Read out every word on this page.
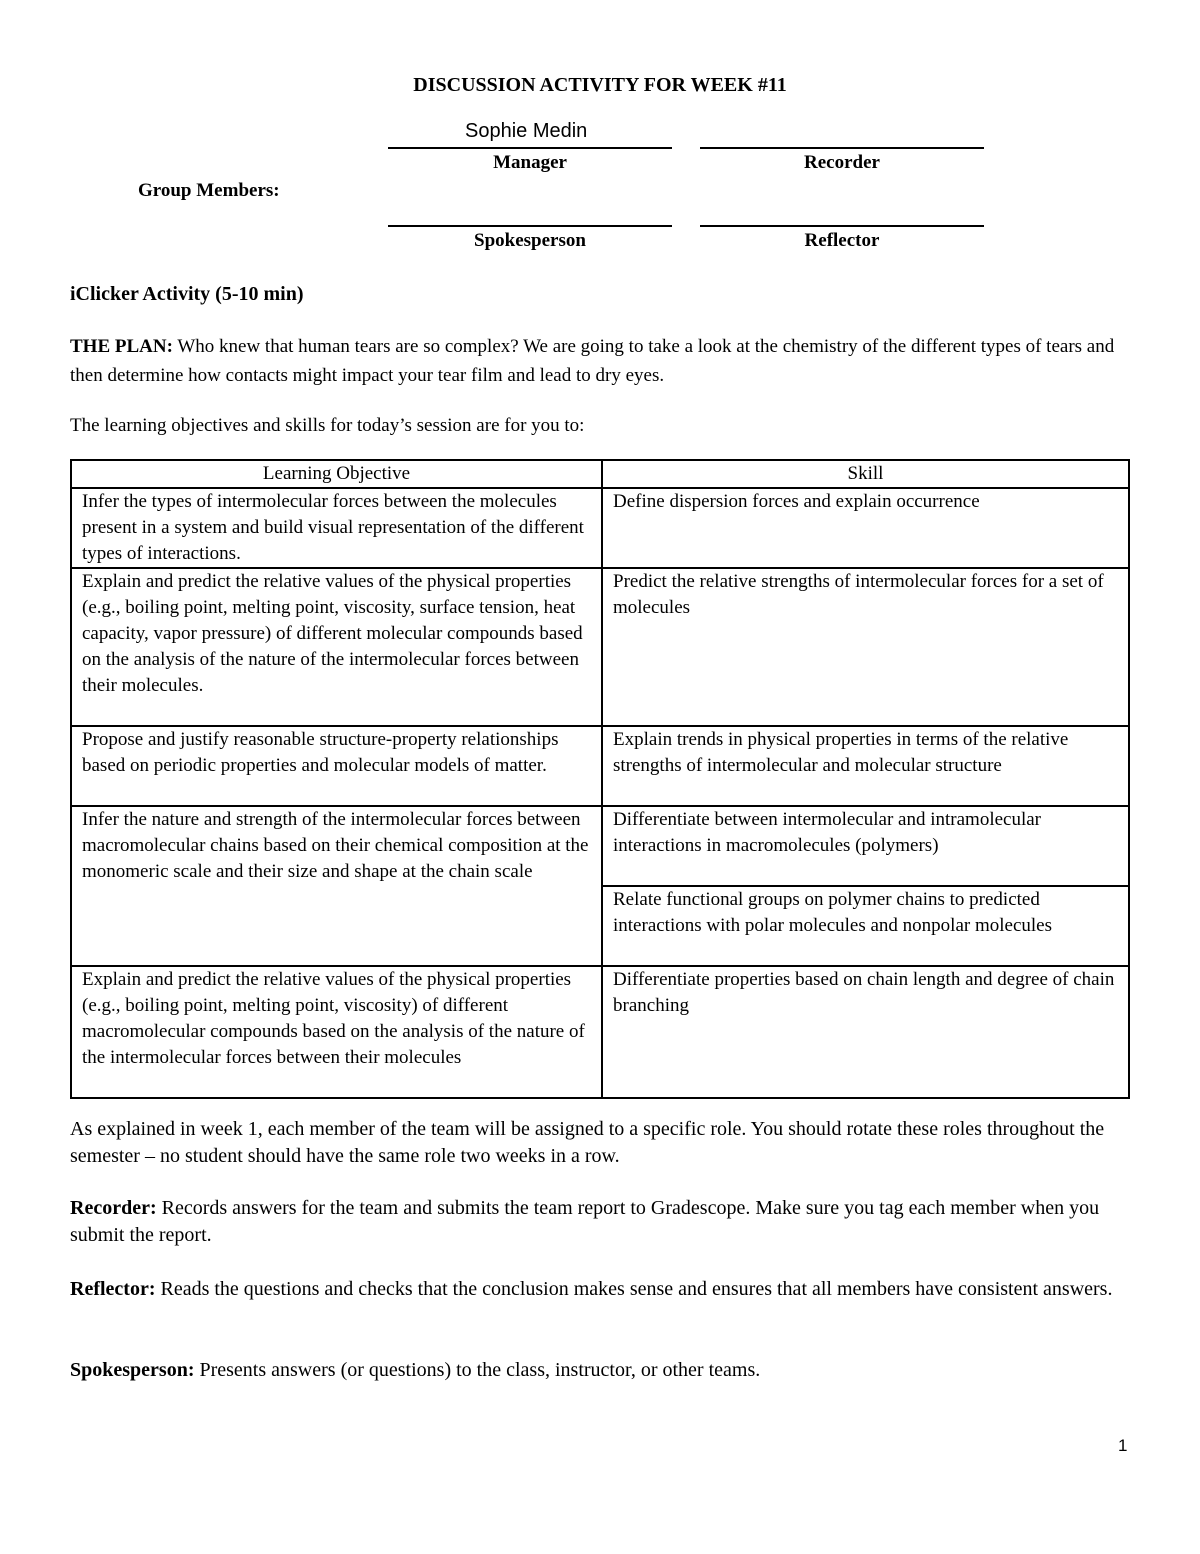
DISCUSSION ACTIVITY FOR WEEK #11
Sophie Medin
Manager	Recorder
Group Members:
Spokesperson	Reflector
iClicker Activity (5-10 min)
THE PLAN: Who knew that human tears are so complex? We are going to take a look at the chemistry of the different types of tears and then determine how contacts might impact your tear film and lead to dry eyes.
The learning objectives and skills for today’s session are for you to:
Learning Objective	Skill
Infer the types of intermolecular forces between the molecules present in a system and build visual representation of the different types of interactions.	Define dispersion forces and explain occurrence
Explain and predict the relative values of the physical properties (e.g., boiling point, melting point, viscosity, surface tension, heat capacity, vapor pressure) of different molecular compounds based on the analysis of the nature of the intermolecular forces between their molecules.	Predict the relative strengths of intermolecular forces for a set of molecules
Propose and justify reasonable structure-property relationships based on periodic properties and molecular models of matter.	Explain trends in physical properties in terms of the relative strengths of intermolecular and molecular structure
Infer the nature and strength of the intermolecular forces between macromolecular chains based on their chemical composition at the monomeric scale and their size and shape at the chain scale	Differentiate between intermolecular and intramolecular interactions in macromolecules (polymers)
	Relate functional groups on polymer chains to predicted interactions with polar molecules and nonpolar molecules
Explain and predict the relative values of the physical properties (e.g., boiling point, melting point, viscosity) of different macromolecular compounds based on the analysis of the nature of the intermolecular forces between their molecules	Differentiate properties based on chain length and degree of chain branching
As explained in week 1, each member of the team will be assigned to a specific role. You should rotate these roles throughout the semester – no student should have the same role two weeks in a row.
Recorder: Records answers for the team and submits the team report to Gradescope. Make sure you tag each member when you submit the report.
Reflector: Reads the questions and checks that the conclusion makes sense and ensures that all members have consistent answers.
Spokesperson: Presents answers (or questions) to the class, instructor, or other teams.
1
